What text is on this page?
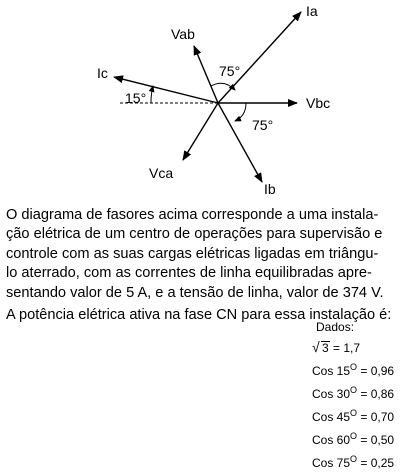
Ia
Vab
Ic
15°
75°
Vbc
75°
Vca
Ib
O diagrama de fasores acima corresponde a uma instala-
ção elétrica de um centro de operações para supervisão e
controle com as suas cargas elétricas ligadas em triângu-
lo aterrado, com as correntes de linha equilibradas apre-
sentando valor de 5 A, e a tensão de linha, valor de 374 V.
A potência elétrica ativa na fase CN para essa instalação é:
Dados:
√ 3 = 1,7
Cos $15^O = 0,96$
Cos $30^O = 0,86$
Cos $45^O = 0,70$
Cos $60^O = 0,50$
Cos $75^O = 0,25$
